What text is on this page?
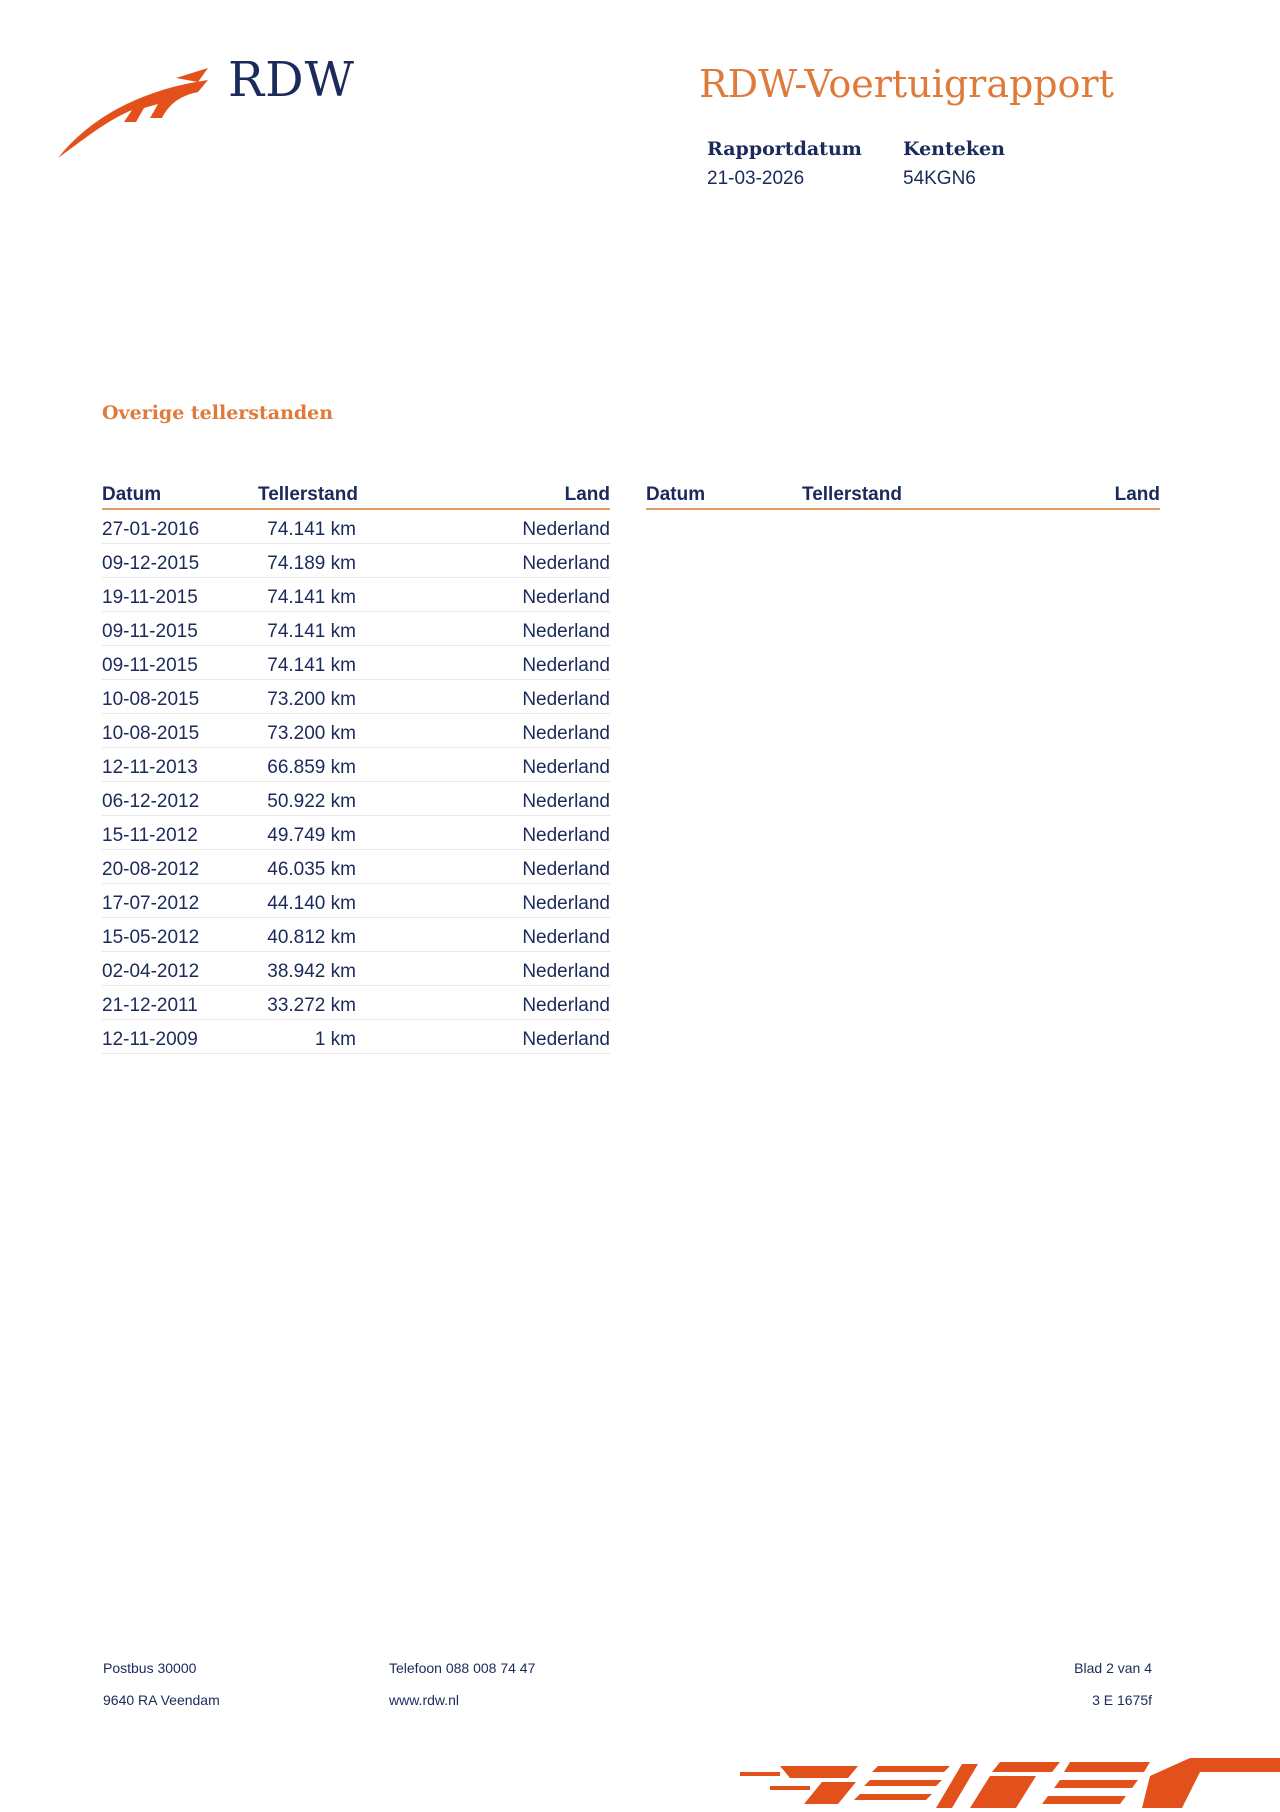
RDW	RDW-Voertuigrapport
Rapportdatum
21-03-2026
Kenteken
54KGN6
Overige tellerstanden
Datum	Tellerstand	Land
27-01-2016	74.141 km	Nederland
09-12-2015	74.189 km	Nederland
19-11-2015	74.141 km	Nederland
09-11-2015	74.141 km	Nederland
09-11-2015	74.141 km	Nederland
10-08-2015	73.200 km	Nederland
10-08-2015	73.200 km	Nederland
12-11-2013	66.859 km	Nederland
06-12-2012	50.922 km	Nederland
15-11-2012	49.749 km	Nederland
20-08-2012	46.035 km	Nederland
17-07-2012	44.140 km	Nederland
15-05-2012	40.812 km	Nederland
02-04-2012	38.942 km	Nederland
21-12-2011	33.272 km	Nederland
12-11-2009	1 km	Nederland
Datum	Tellerstand	Land
Postbus 30000
9640 RA Veendam
Telefoon 088 008 74 47
www.rdw.nl
Blad 2 van 4
3 E 1675f
